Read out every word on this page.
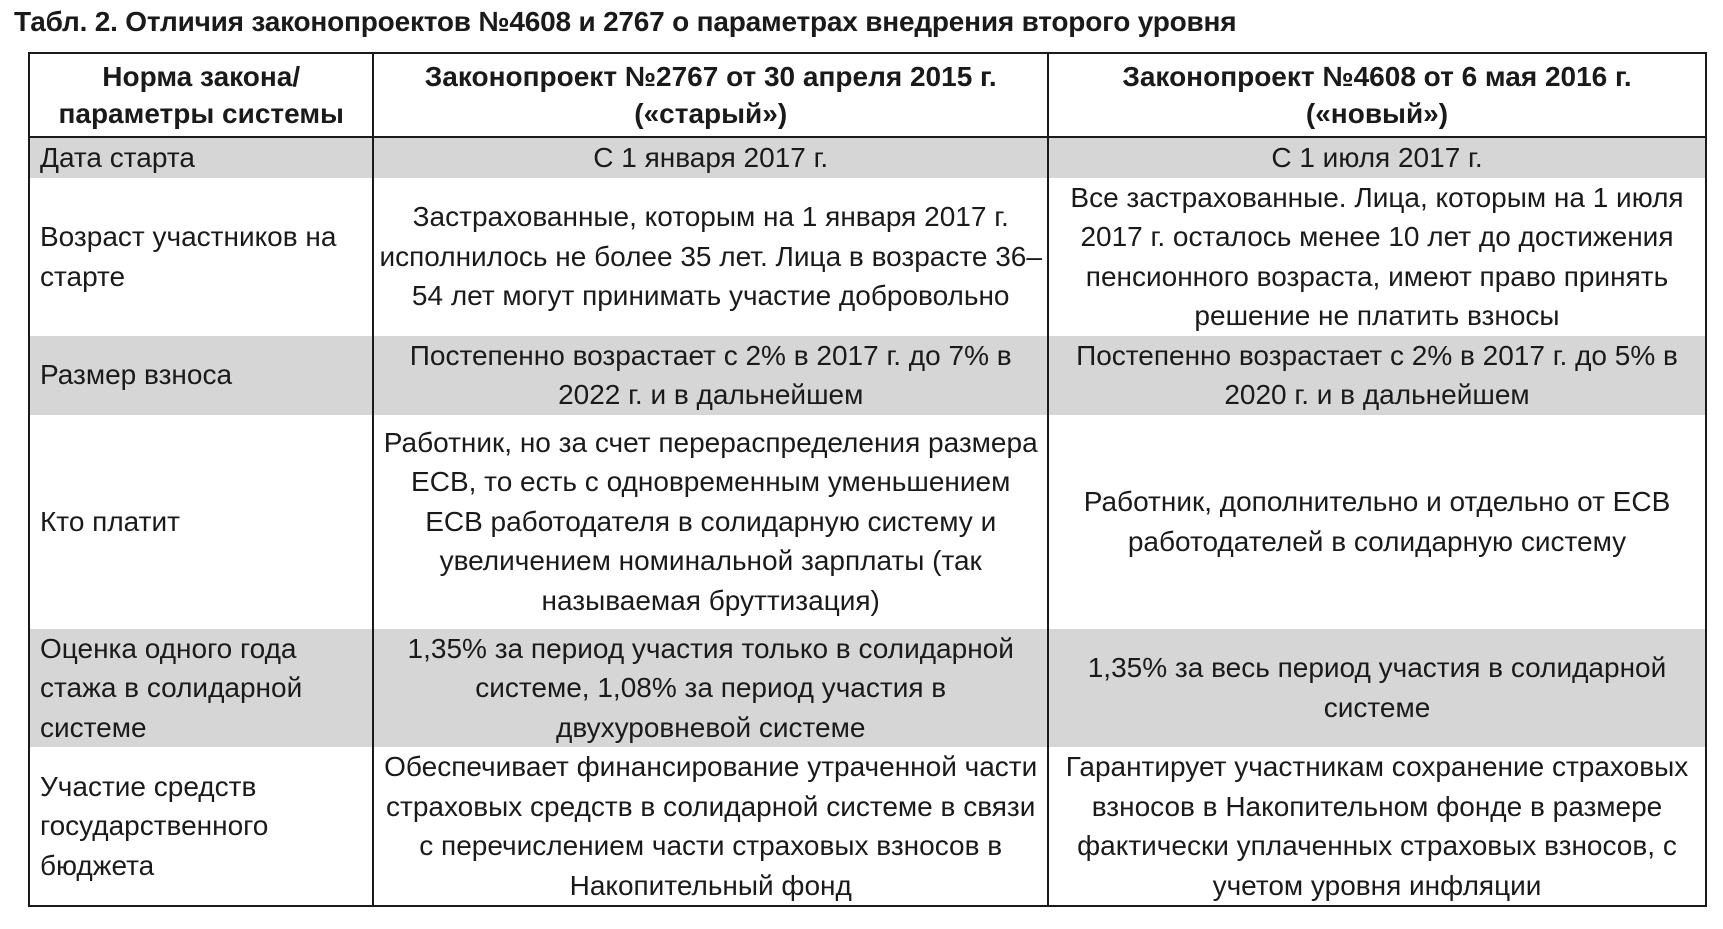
Табл. 2. Отличия законопроектов №4608 и 2767 о параметрах внедрения второго уровня
Норма закона/ параметры системы	Законопроект №2767 от 30 апреля 2015 г. («старый»)	Законопроект №4608 от 6 мая 2016 г. («новый»)
Дата старта	С 1 января 2017 г.	С 1 июля 2017 г.
Возраст участников на старте	Застрахованные, которым на 1 января 2017 г. исполнилось не более 35 лет. Лица в возрасте 36–54 лет могут принимать участие добровольно	Все застрахованные. Лица, которым на 1 июля 2017 г. осталось менее 10 лет до достижения пенсионного возраста, имеют право принять решение не платить взносы
Размер взноса	Постепенно возрастает с 2% в 2017 г. до 7% в 2022 г. и в дальнейшем	Постепенно возрастает с 2% в 2017 г. до 5% в 2020 г. и в дальнейшем
Кто платит	Работник, но за счет перераспределения размера ЕСВ, то есть с одновременным уменьшением ЕСВ работодателя в солидарную систему и увеличением номинальной зарплаты (так называемая бруттизация)	Работник, дополнительно и отдельно от ЕСВ работодателей в солидарную систему
Оценка одного года стажа в солидарной системе	1,35% за период участия только в солидарной системе, 1,08% за период участия в двухуровневой системе	1,35% за весь период участия в солидарной системе
Участие средств государственного бюджета	Обеспечивает финансирование утраченной части страховых средств в солидарной системе в связи с перечислением части страховых взносов в Накопительный фонд	Гарантирует участникам сохранение страховых взносов в Накопительном фонде в размере фактически уплаченных страховых взносов, с учетом уровня инфляции
